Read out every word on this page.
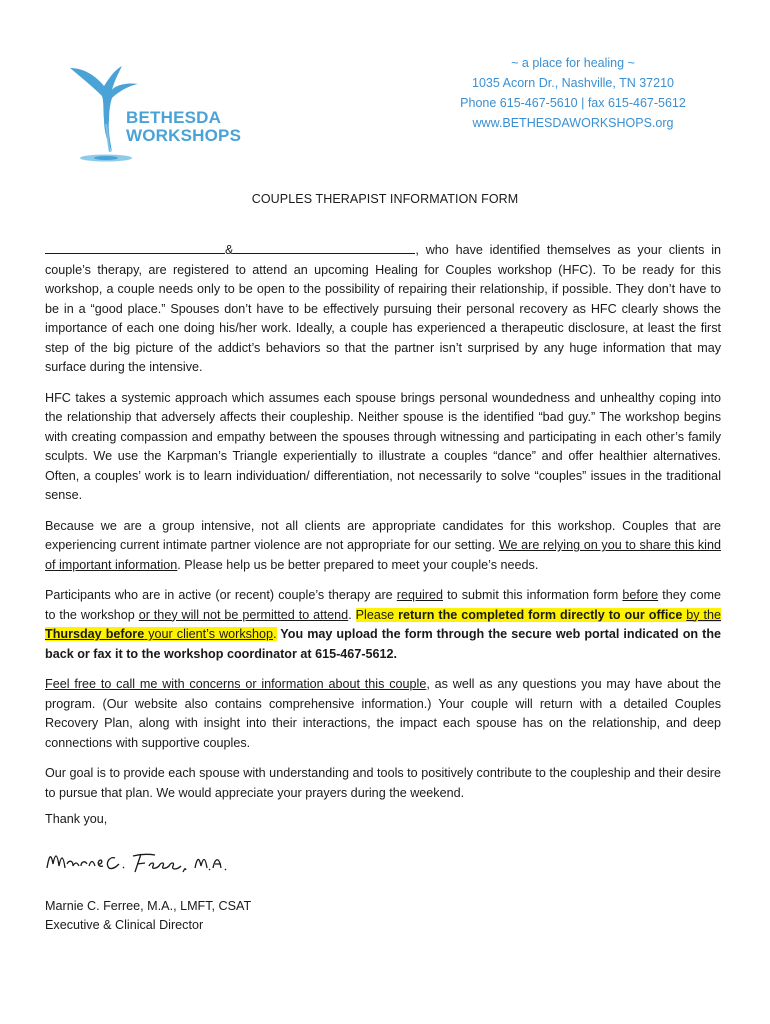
BETHESDA
WORKSHOPS
~ a place for healing ~
1035 Acorn Dr., Nashville, TN 37210
Phone 615-467-5610 | fax 615-467-5612
www.BETHESDAWORKSHOPS.org
COUPLES THERAPIST INFORMATION FORM

&	, who have identified themselves as your clients in couple’s therapy, are registered to attend an upcoming Healing for Couples workshop (HFC). To be ready for this workshop, a couple needs only to be open to the possibility of repairing their relationship, if possible. They don’t have to be in a “good place.” Spouses don’t have to be effectively pursuing their personal recovery as HFC clearly shows the importance of each one doing his/her work. Ideally, a couple has experienced a therapeutic disclosure, at least the first step of the big picture of the addict’s behaviors so that the partner isn’t surprised by any huge information that may surface during the intensive.

HFC takes a systemic approach which assumes each spouse brings personal woundedness and unhealthy coping into the relationship that adversely affects their coupleship. Neither spouse is the identified “bad guy.” The workshop begins with creating compassion and empathy between the spouses through witnessing and participating in each other’s family sculpts. We use the Karpman’s Triangle experientially to illustrate a couples “dance” and offer healthier alternatives. Often, a couples’ work is to learn individuation/ differentiation, not necessarily to solve “couples” issues in the traditional sense.

Because we are a group intensive, not all clients are appropriate candidates for this workshop. Couples that are experiencing current intimate partner violence are not appropriate for our setting. We are relying on you to share this kind of important information. Please help us be better prepared to meet your couple’s needs.

Participants who are in active (or recent) couple’s therapy are required to submit this information form before they come to the workshop or they will not be permitted to attend. Please return the completed form directly to our office by the Thursday before your client’s workshop. You may upload the form through the secure web portal indicated on the back or fax it to the workshop coordinator at 615-467-5612.

Feel free to call me with concerns or information about this couple, as well as any questions you may have about the program. (Our website also contains comprehensive information.) Your couple will return with a detailed Couples Recovery Plan, along with insight into their interactions, the impact each spouse has on the relationship, and deep connections with supportive couples.

Our goal is to provide each spouse with understanding and tools to positively contribute to the coupleship and their desire to pursue that plan. We would appreciate your prayers during the weekend.

Thank you,
Marnie C. Ferree, M.A., LMFT, CSAT
Executive & Clinical Director
